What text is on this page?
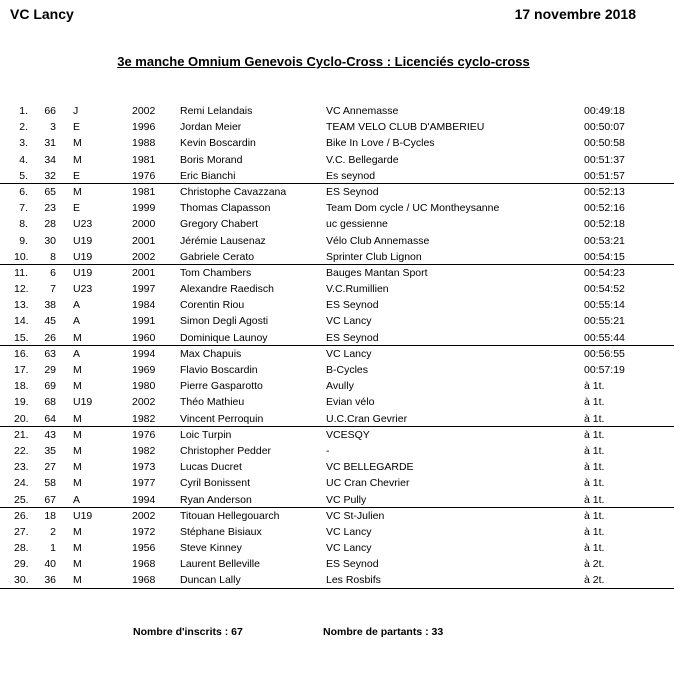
VC Lancy	17 novembre 2018
3e manche Omnium Genevois Cyclo-Cross : Licenciés cyclo-cross
1.	66 J	2002 Remi Lelandais	VC Annemasse	00:49:18
2.	3 E	1996 Jordan Meier	TEAM VELO CLUB D'AMBERIEU	00:50:07
3.	31 M	1988 Kevin Boscardin	Bike In Love / B-Cycles	00:50:58
4.	34 M	1981 Boris Morand	V.C. Bellegarde	00:51:37
5.	32 E	1976 Eric Bianchi	Es seynod	00:51:57
6.	65 M	1981 Christophe Cavazzana	ES Seynod	00:52:13
7.	23 E	1999 Thomas Clapasson	Team Dom cycle / UC Montheysanne	00:52:16
8.	28 U23	2000 Gregory Chabert	uc gessienne	00:52:18
9.	30 U19	2001 Jérémie Lausenaz	Vélo Club Annemasse	00:53:21
10.	8 U19	2002 Gabriele Cerato	Sprinter Club Lignon	00:54:15
11.	6 U19	2001 Tom Chambers	Bauges Mantan Sport	00:54:23
12.	7 U23	1997 Alexandre Raedisch	V.C.Rumillien	00:54:52
13.	38 A	1984 Corentin Riou	ES Seynod	00:55:14
14.	45 A	1991 Simon Degli Agosti	VC Lancy	00:55:21
15.	26 M	1960 Dominique Launoy	ES Seynod	00:55:44
16.	63 A	1994 Max Chapuis	VC Lancy	00:56:55
17.	29 M	1969 Flavio Boscardin	B-Cycles	00:57:19
18.	69 M	1980 Pierre Gasparotto	Avully	à 1t.
19.	68 U19	2002 Théo Mathieu	Evian vélo	à 1t.
20.	64 M	1982 Vincent Perroquin	U.C.Cran Gevrier	à 1t.
21.	43 M	1976 Loic Turpin	VCESQY	à 1t.
22.	35 M	1982 Christopher Pedder	-	à 1t.
23.	27 M	1973 Lucas Ducret	VC BELLEGARDE	à 1t.
24.	58 M	1977 Cyril Bonissent	UC Cran Chevrier	à 1t.
25.	67 A	1994 Ryan Anderson	VC Pully	à 1t.
26.	18 U19	2002 Titouan Hellegouarch	VC St-Julien	à 1t.
27.	2 M	1972 Stéphane Bisiaux	VC Lancy	à 1t.
28.	1 M	1956 Steve Kinney	VC Lancy	à 1t.
29.	40 M	1968 Laurent Belleville	ES Seynod	à 2t.
30.	36 M	1968 Duncan Lally	Les Rosbifs	à 2t.
Nombre d'inscrits : 67	Nombre de partants : 33
